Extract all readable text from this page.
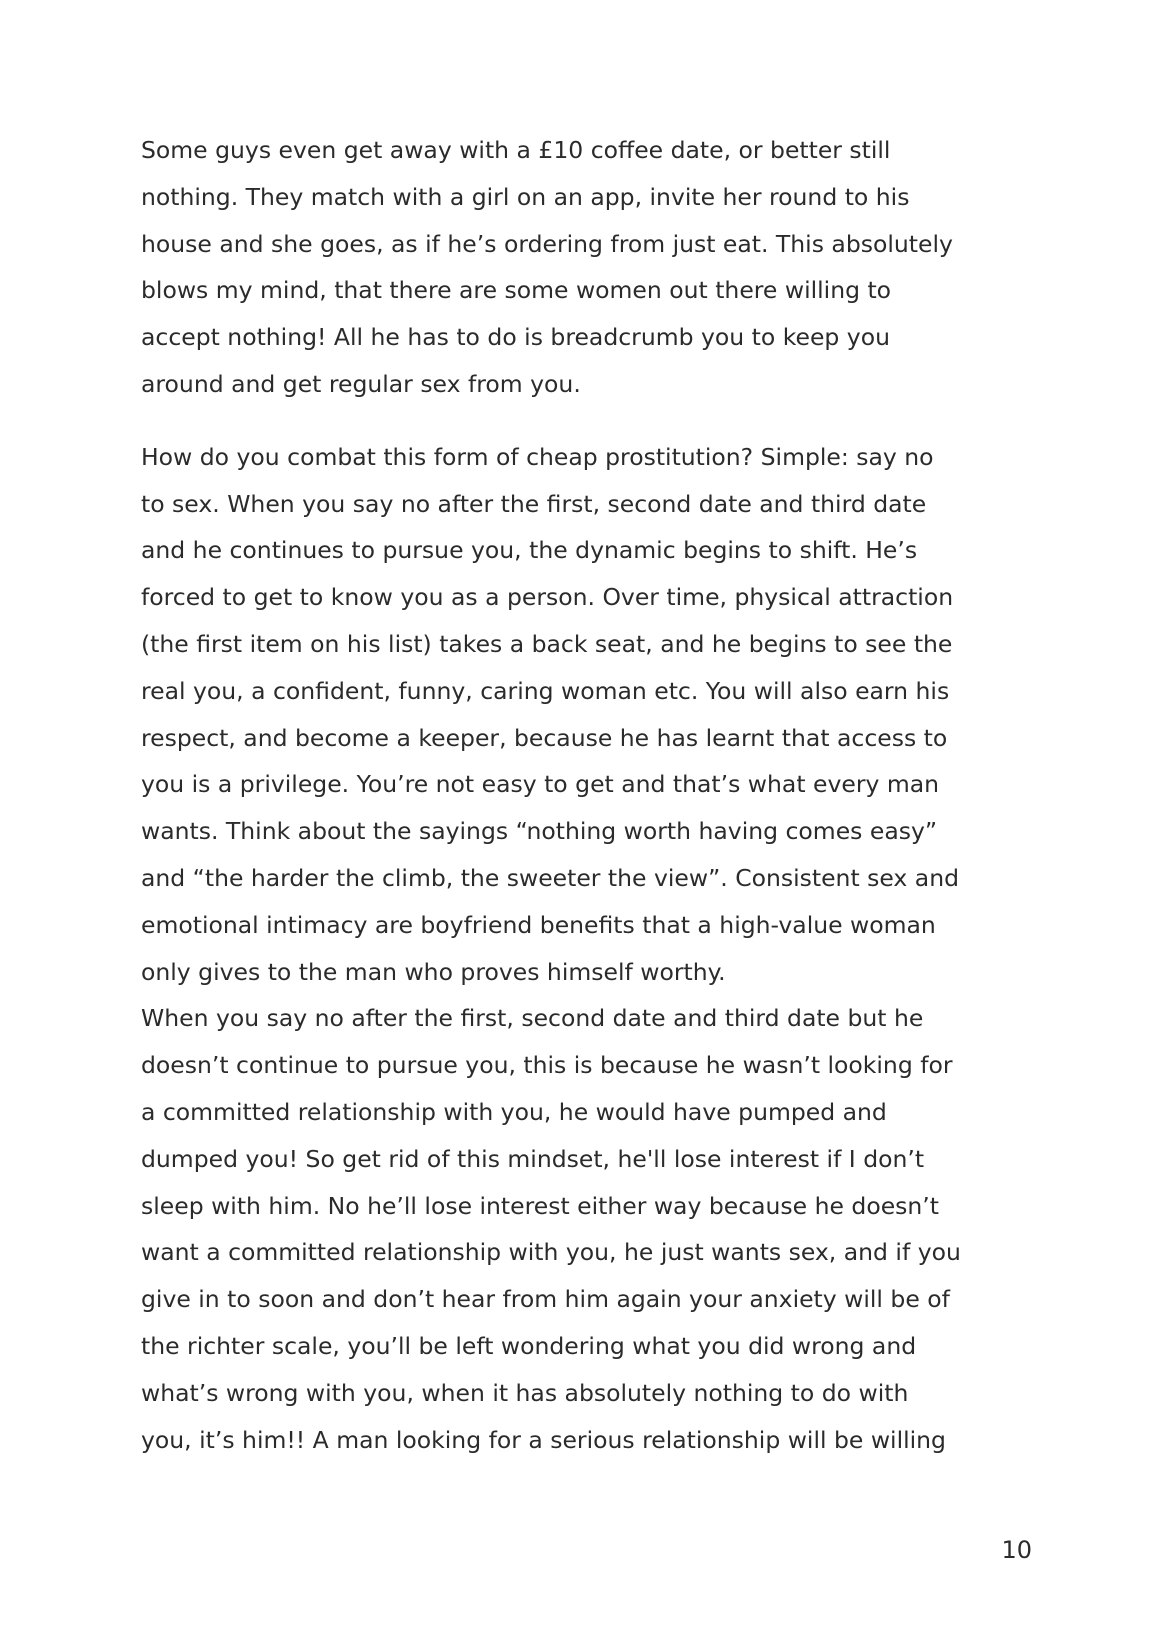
Some guys even get away with a £10 coffee date, or better still

nothing. They match with a girl on an app, invite her round to his

house and she goes, as if he’s ordering from just eat. This absolutely

blows my mind, that there are some women out there willing to

accept nothing! All he has to do is breadcrumb you to keep you

around and get regular sex from you.

How do you combat this form of cheap prostitution? Simple: say no

to sex. When you say no after the first, second date and third date

and he continues to pursue you, the dynamic begins to shift. He’s

forced to get to know you as a person. Over time, physical attraction

(the first item on his list) takes a back seat, and he begins to see the

real you, a confident, funny, caring woman etc. You will also earn his

respect, and become a keeper, because he has learnt that access to

you is a privilege. You’re not easy to get and that’s what every man

wants. Think about the sayings “nothing worth having comes easy”

and “the harder the climb, the sweeter the view”. Consistent sex and

emotional intimacy are boyfriend benefits that a high-value woman

only gives to the man who proves himself worthy.

When you say no after the first, second date and third date but he

doesn’t continue to pursue you, this is because he wasn’t looking for

a committed relationship with you, he would have pumped and

dumped you! So get rid of this mindset, he'll lose interest if I don’t

sleep with him. No he’ll lose interest either way because he doesn’t

want a committed relationship with you, he just wants sex, and if you

give in to soon and don’t hear from him again your anxiety will be of

the richter scale, you’ll be left wondering what you did wrong and

what’s wrong with you, when it has absolutely nothing to do with

you, it’s him!! A man looking for a serious relationship will be willing

10
